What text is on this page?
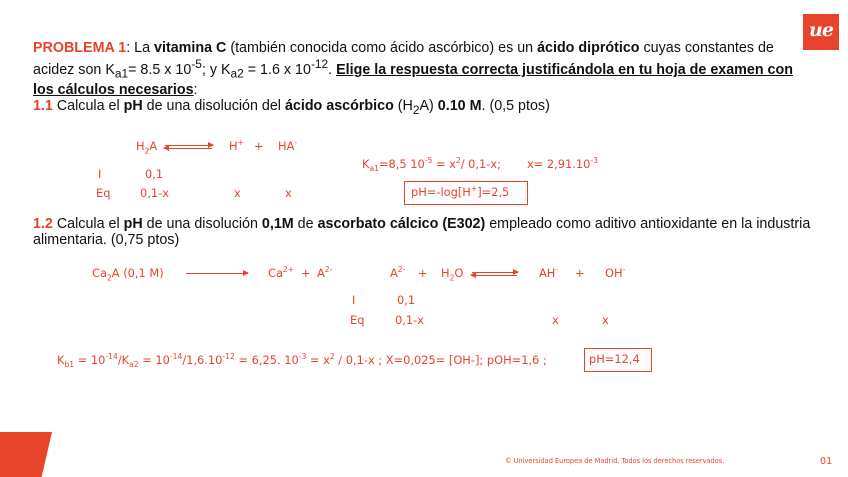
ue
PROBLEMA 1: La vitamina C (también conocida como ácido ascórbico) es un ácido diprótico cuyas constantes de acidez son $K_{a1}= 8.5$ x $10^{-5}$; y $K_{a2} = 1.6$ x $10^{-12}$. Elige la respuesta correcta justificándola en tu hoja de examen con los cálculos necesarios:
1.1 Calcula el pH de una disolución del ácido ascórbico $(H_2A)$ 0.10 M. (0,5 ptos)
$H_2A$	H+ + HA-
I	0,1
Eq	0,1-x	x	x
$K_{a1}=8,5$ $10^{-5} = x^2/$ 0,1-x; $x= 2,91.10^{-3}$
pH=-log[H+]=2,5
1.2 Calcula el pH de una disolución 0,1M de ascorbato cálcico (E302) empleado como aditivo antioxidante en la industria alimentaria. (0,75 ptos)
$Ca_2A$ (0,1 M)	$Ca^{2+} + A^{2-}$	$A^{2-} + H_2O$	AH- + OH-
I	0,1
Eq	0,1-x	x	x
$K_{b1} = 10^{-14}/K_{a2} = 10^{-14}/1,6.10^{-12} = 6,25$. $10^{-3} = x^2 / 0,1-x$ ; X=0,025= [OH-]; pOH=1,6 ;	pH=12,4
© Universidad Europea de Madrid. Todos los derechos reservados.	01
